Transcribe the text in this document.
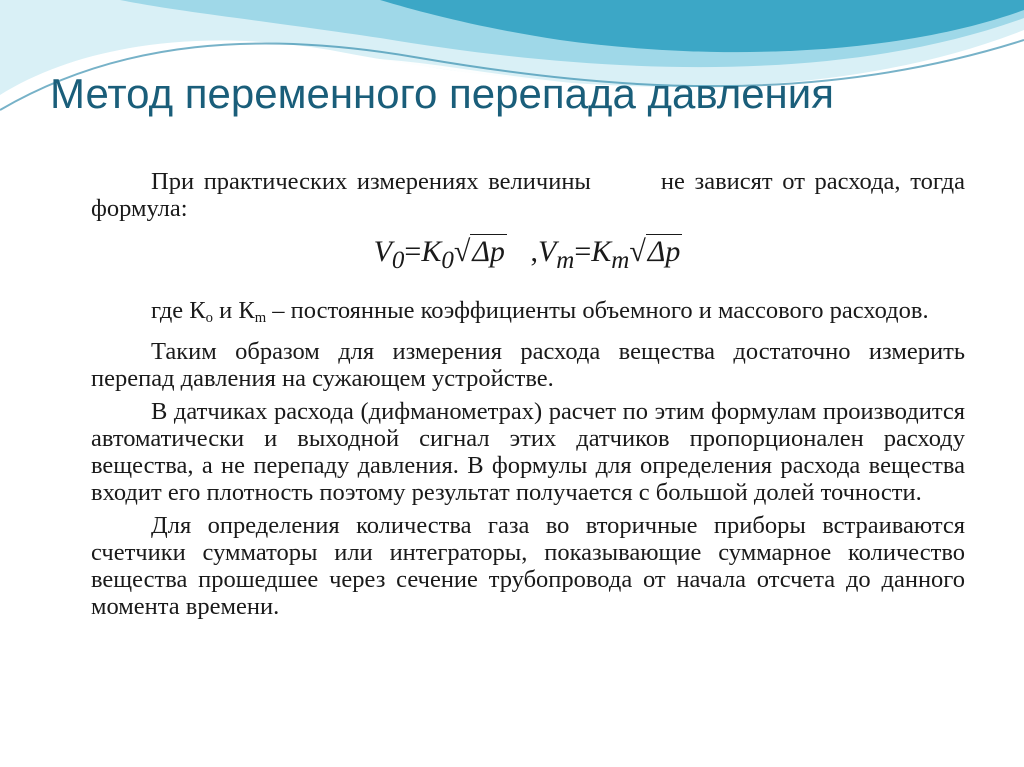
Метод переменного перепада давления

При практических измерениях величины	не зависят от расхода, тогда формула:

$V_0=K_0√\Delta p$ $,V_m=K_m√\Delta p$

где $К_o$ и $К_m$ – постоянные коэффициенты объемного и массового расходов.

Таким образом для измерения расхода вещества достаточно измерить перепад давления на сужающем устройстве.

В датчиках расхода (дифманометрах) расчет по этим формулам производится автоматически и выходной сигнал этих датчиков пропорционален расходу вещества, а не перепаду давления. В формулы для определения расхода вещества входит его плотность поэтому результат получается с большой долей точности.

Для определения количества газа во вторичные приборы встраиваются счетчики сумматоры или интеграторы, показывающие суммарное количество вещества прошедшее через сечение трубопровода от начала отсчета до данного момента времени.
